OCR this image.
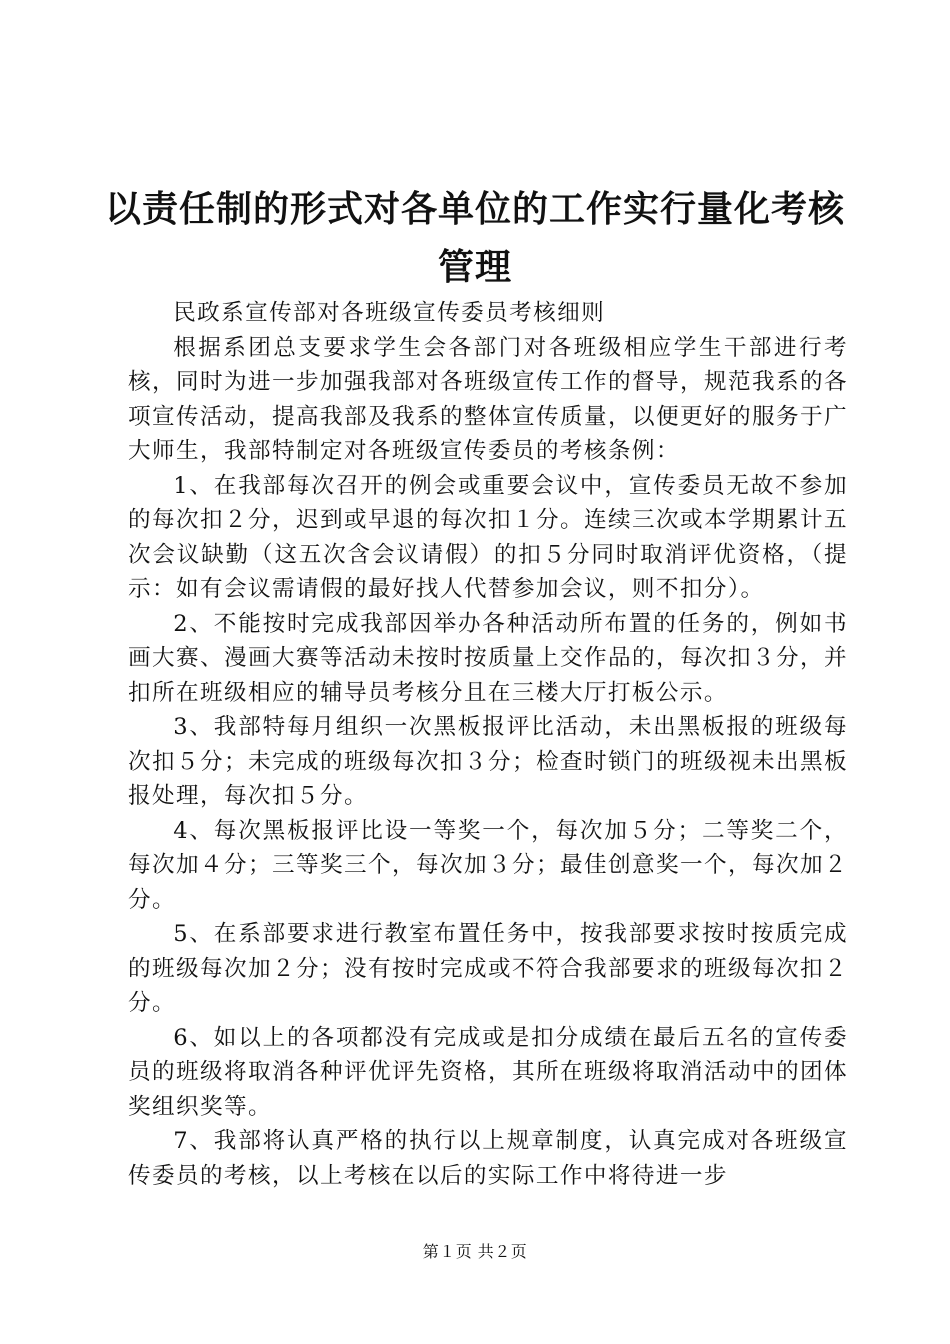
以责任制的形式对各单位的工作实行量化考核
管理

民政系宣传部对各班级宣传委员考核细则

根据系团总支要求学生会各部门对各班级相应学生干部进行考核，同时为进一步加强我部对各班级宣传工作的督导，规范我系的各项宣传活动，提高我部及我系的整体宣传质量，以便更好的服务于广大师生，我部特制定对各班级宣传委员的考核条例：

1、在我部每次召开的例会或重要会议中，宣传委员无故不参加的每次扣２分，迟到或早退的每次扣１分。连续三次或本学期累计五次会议缺勤（这五次含会议请假）的扣５分同时取消评优资格，（提示：如有会议需请假的最好找人代替参加会议，则不扣分）。

2、不能按时完成我部因举办各种活动所布置的任务的，例如书画大赛、漫画大赛等活动未按时按质量上交作品的，每次扣３分，并扣所在班级相应的辅导员考核分且在三楼大厅打板公示。

3、我部特每月组织一次黑板报评比活动，未出黑板报的班级每次扣５分；未完成的班级每次扣３分；检查时锁门的班级视未出黑板报处理，每次扣５分。

4、每次黑板报评比设一等奖一个，每次加５分；二等奖二个，每次加４分；三等奖三个，每次加３分；最佳创意奖一个，每次加２分。

5、在系部要求进行教室布置任务中，按我部要求按时按质完成的班级每次加２分；没有按时完成或不符合我部要求的班级每次扣２分。

6、如以上的各项都没有完成或是扣分成绩在最后五名的宣传委员的班级将取消各种评优评先资格，其所在班级将取消活动中的团体奖组织奖等。

7、我部将认真严格的执行以上规章制度，认真完成对各班级宣传委员的考核，以上考核在以后的实际工作中将待进一步

第１页 共２页
